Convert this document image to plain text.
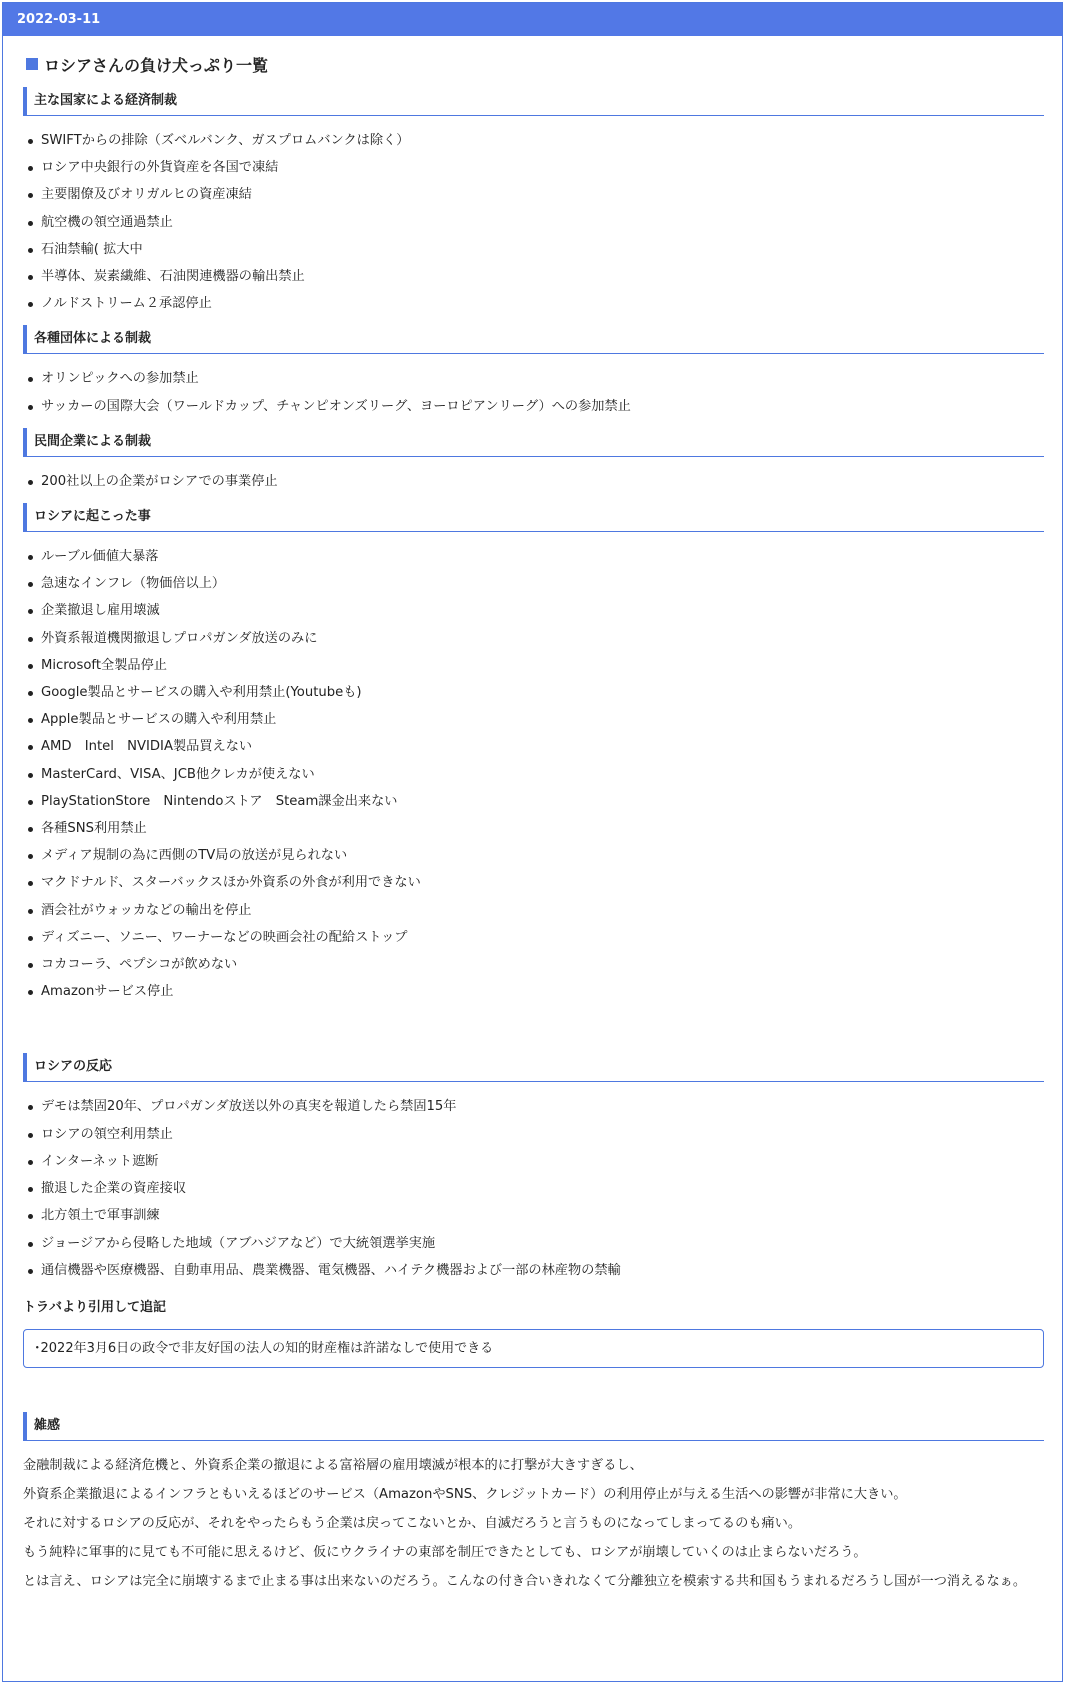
2022-03-11
ロシアさんの負け犬っぷり一覧
主な国家による経済制裁
SWIFTからの排除（ズベルバンク、ガスプロムバンクは除く）
ロシア中央銀行の外貨資産を各国で凍結
主要閣僚及びオリガルヒの資産凍結
航空機の領空通過禁止
石油禁輸( 拡大中
半導体、炭素繊維、石油関連機器の輸出禁止
ノルドストリーム２承認停止
各種団体による制裁
オリンピックへの参加禁止
サッカーの国際大会（ワールドカップ、チャンピオンズリーグ、ヨーロピアンリーグ）への参加禁止
民間企業による制裁
200社以上の企業がロシアでの事業停止
ロシアに起こった事
ルーブル価値大暴落
急速なインフレ（物価倍以上）
企業撤退し雇用壊滅
外資系報道機関撤退しプロパガンダ放送のみに
Microsoft全製品停止
Google製品とサービスの購入や利用禁止(Youtubeも)
Apple製品とサービスの購入や利用禁止
AMD　Intel　NVIDIA製品買えない
MasterCard、VISA、JCB他クレカが使えない
PlayStationStore　Nintendoストア　Steam課金出来ない
各種SNS利用禁止
メディア規制の為に西側のTV局の放送が見られない
マクドナルド、スターバックスほか外資系の外食が利用できない
酒会社がウォッカなどの輸出を停止
ディズニー、ソニー、ワーナーなどの映画会社の配給ストップ
コカコーラ、ペプシコが飲めない
Amazonサービス停止
ロシアの反応
デモは禁固20年、プロパガンダ放送以外の真実を報道したら禁固15年
ロシアの領空利用禁止
インターネット遮断
撤退した企業の資産接収
北方領土で軍事訓練
ジョージアから侵略した地域（アブハジアなど）で大統領選挙実施
通信機器や医療機器、自動車用品、農業機器、電気機器、ハイテク機器および一部の林産物の禁輸
トラバより引用して追記
･2022年3月6日の政令で非友好国の法人の知的財産権は許諾なしで使用できる
雑感
金融制裁による経済危機と、外資系企業の撤退による富裕層の雇用壊滅が根本的に打撃が大きすぎるし、
外資系企業撤退によるインフラともいえるほどのサービス（AmazonやSNS、クレジットカード）の利用停止が与える生活への影響が非常に大きい。
それに対するロシアの反応が、それをやったらもう企業は戻ってこないとか、自滅だろうと言うものになってしまってるのも痛い。
もう純粋に軍事的に見ても不可能に思えるけど、仮にウクライナの東部を制圧できたとしても、ロシアが崩壊していくのは止まらないだろう。
とは言え、ロシアは完全に崩壊するまで止まる事は出来ないのだろう。こんなの付き合いきれなくて分離独立を模索する共和国もうまれるだろうし国が一つ消えるなぁ。
